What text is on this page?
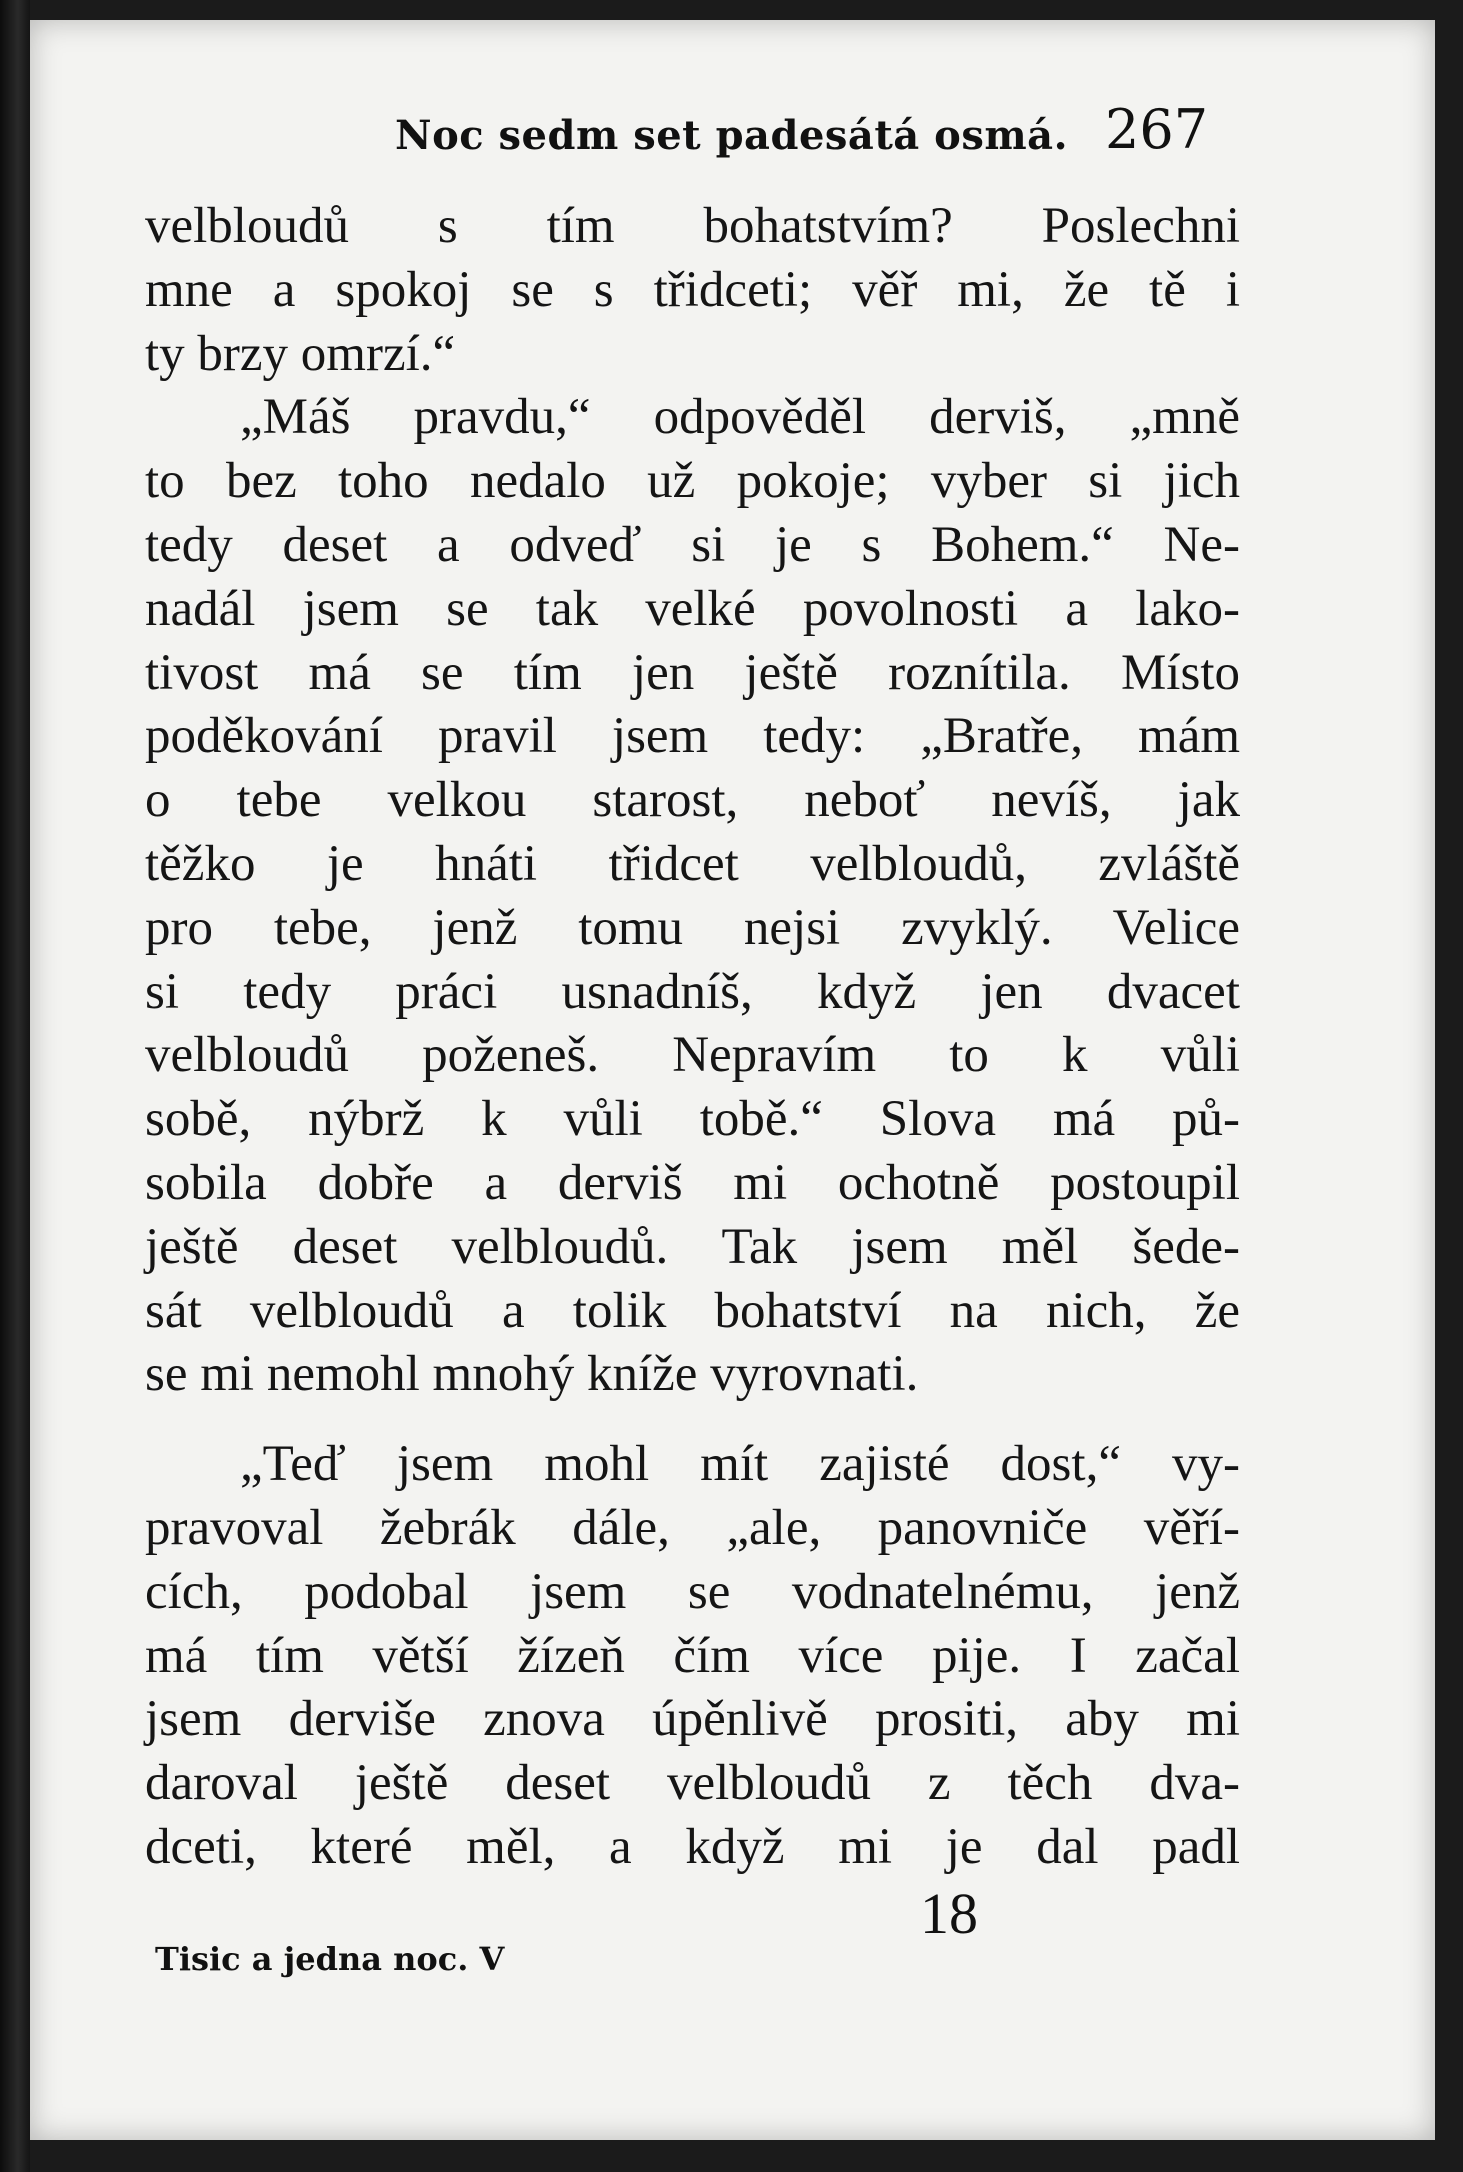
Noc sedm set padesátá osmá. 267
velbloudů s tím bohatstvím? Poslechni
mne a spokoj se s třidceti; věř mi, že tě i
ty brzy omrzí.“
„Máš pravdu,“ odpověděl derviš, „mně
to bez toho nedalo už pokoje; vyber si jich
tedy deset a odveď si je s Bohem.“ Ne-
nadál jsem se tak velké povolnosti a lako-
tivost má se tím jen ještě roznítila. Místo
poděkování pravil jsem tedy: „Bratře, mám
o tebe velkou starost, neboť nevíš, jak
těžko je hnáti třidcet velbloudů, zvláště
pro tebe, jenž tomu nejsi zvyklý. Velice
si tedy práci usnadníš, když jen dvacet
velbloudů poženeš. Nepravím to k vůli
sobě, nýbrž k vůli tobě.“ Slova má pů-
sobila dobře a derviš mi ochotně postoupil
ještě deset velbloudů. Tak jsem měl šede-
sát velbloudů a tolik bohatství na nich, že
se mi nemohl mnohý kníže vyrovnati.
„Teď jsem mohl mít zajisté dost,“ vy-
pravoval žebrák dále, „ale, panovniče věří-
cích, podobal jsem se vodnatelnému, jenž
má tím větší žízeň čím více pije. I začal
jsem derviše znova úpěnlivě prositi, aby mi
daroval ještě deset velbloudů z těch dva-
dceti, které měl, a když mi je dal padl
Tisic a jedna noc. V
18
